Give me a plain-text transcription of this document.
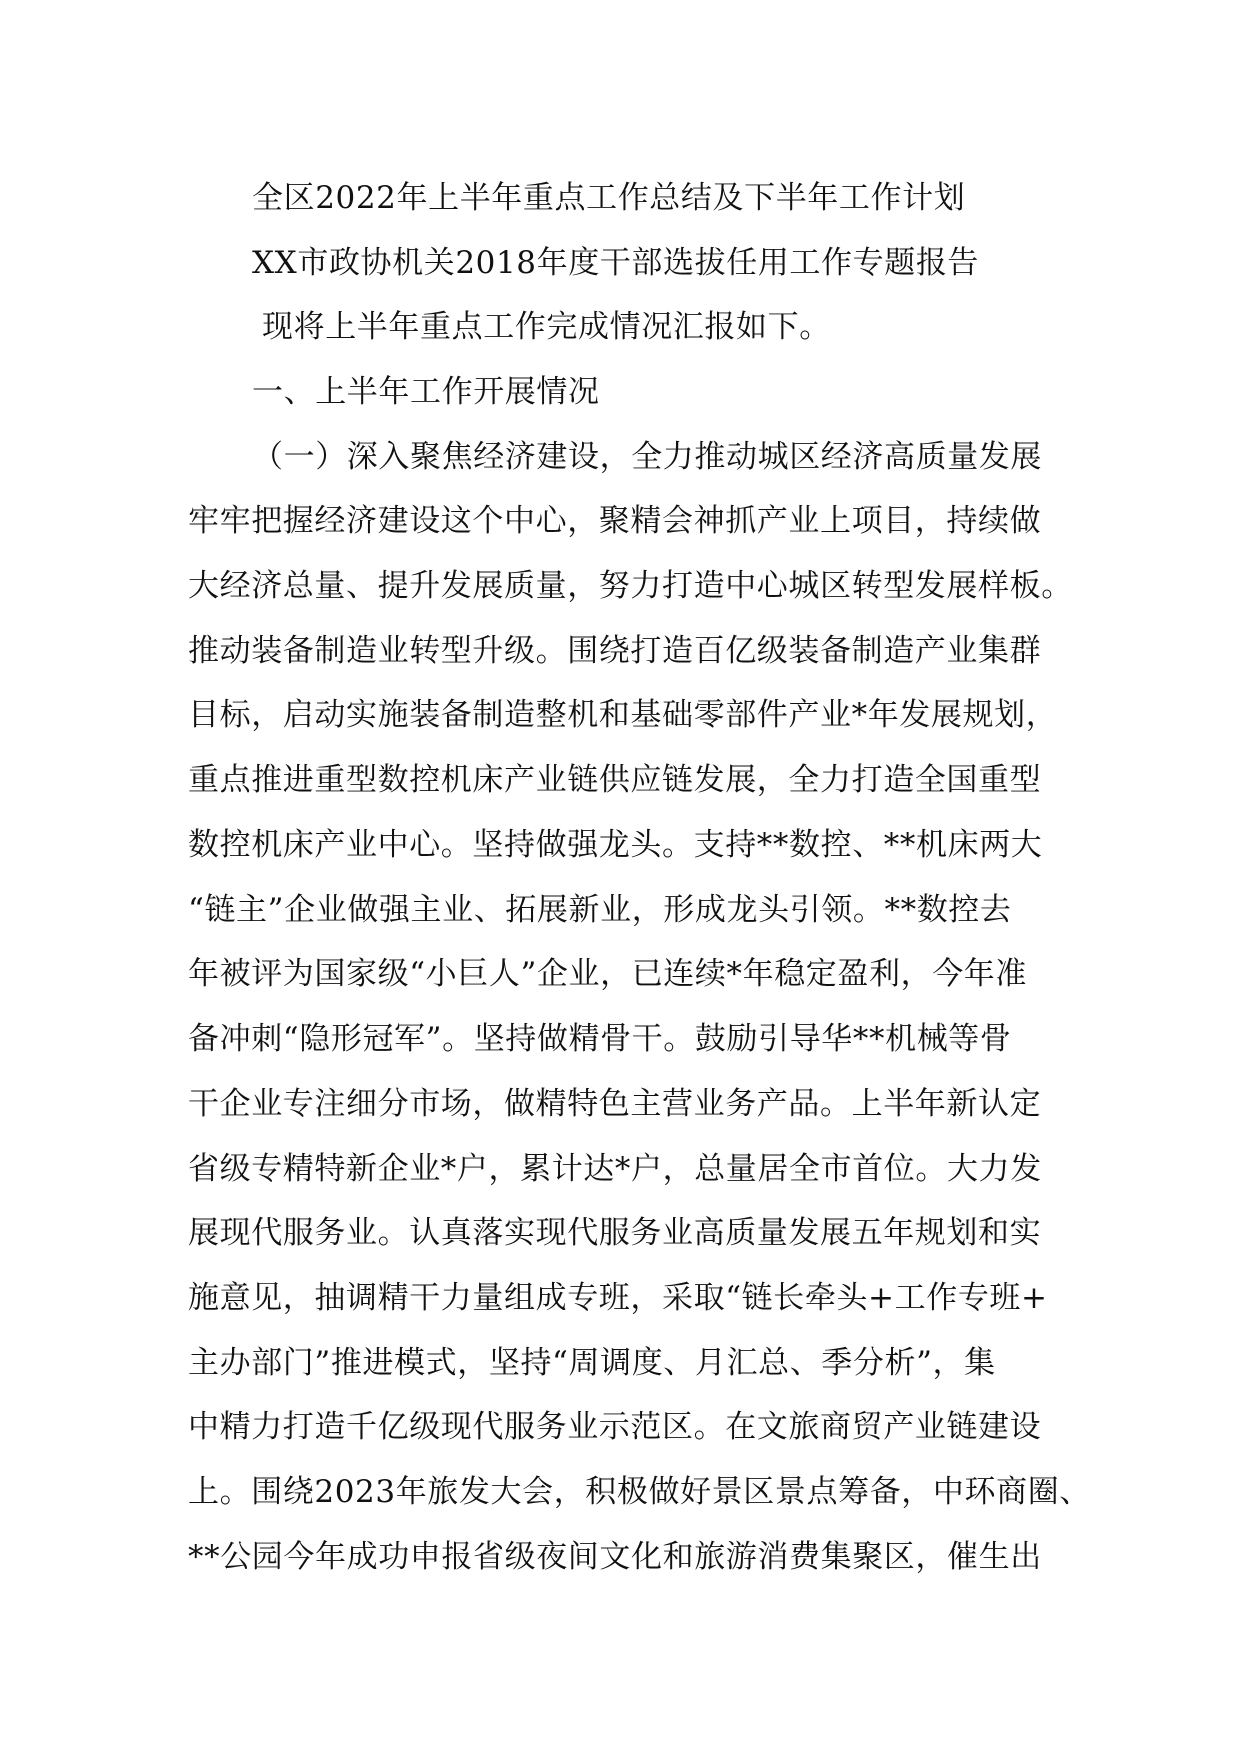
全区2022年上半年重点工作总结及下半年工作计划
XX市政协机关2018年度干部选拔任用工作专题报告
现将上半年重点工作完成情况汇报如下。
一、上半年工作开展情况
（一）深入聚焦经济建设，全力推动城区经济高质量发展
牢牢把握经济建设这个中心，聚精会神抓产业上项目，持续做
大经济总量、提升发展质量，努力打造中心城区转型发展样板。
推动装备制造业转型升级。围绕打造百亿级装备制造产业集群
目标，启动实施装备制造整机和基础零部件产业*年发展规划，
重点推进重型数控机床产业链供应链发展，全力打造全国重型
数控机床产业中心。坚持做强龙头。支持**数控、**机床两大
“链主”企业做强主业、拓展新业，形成龙头引领。**数控去
年被评为国家级“小巨人”企业，已连续*年稳定盈利，今年准
备冲刺“隐形冠军”。坚持做精骨干。鼓励引导华**机械等骨
干企业专注细分市场，做精特色主营业务产品。上半年新认定
省级专精特新企业*户，累计达*户，总量居全市首位。大力发
展现代服务业。认真落实现代服务业高质量发展五年规划和实
施意见，抽调精干力量组成专班，采取“链长牵头+工作专班+
主办部门”推进模式，坚持“周调度、月汇总、季分析”，集
中精力打造千亿级现代服务业示范区。在文旅商贸产业链建设
上。围绕2023年旅发大会，积极做好景区景点筹备，中环商圈、
**公园今年成功申报省级夜间文化和旅游消费集聚区，催生出
